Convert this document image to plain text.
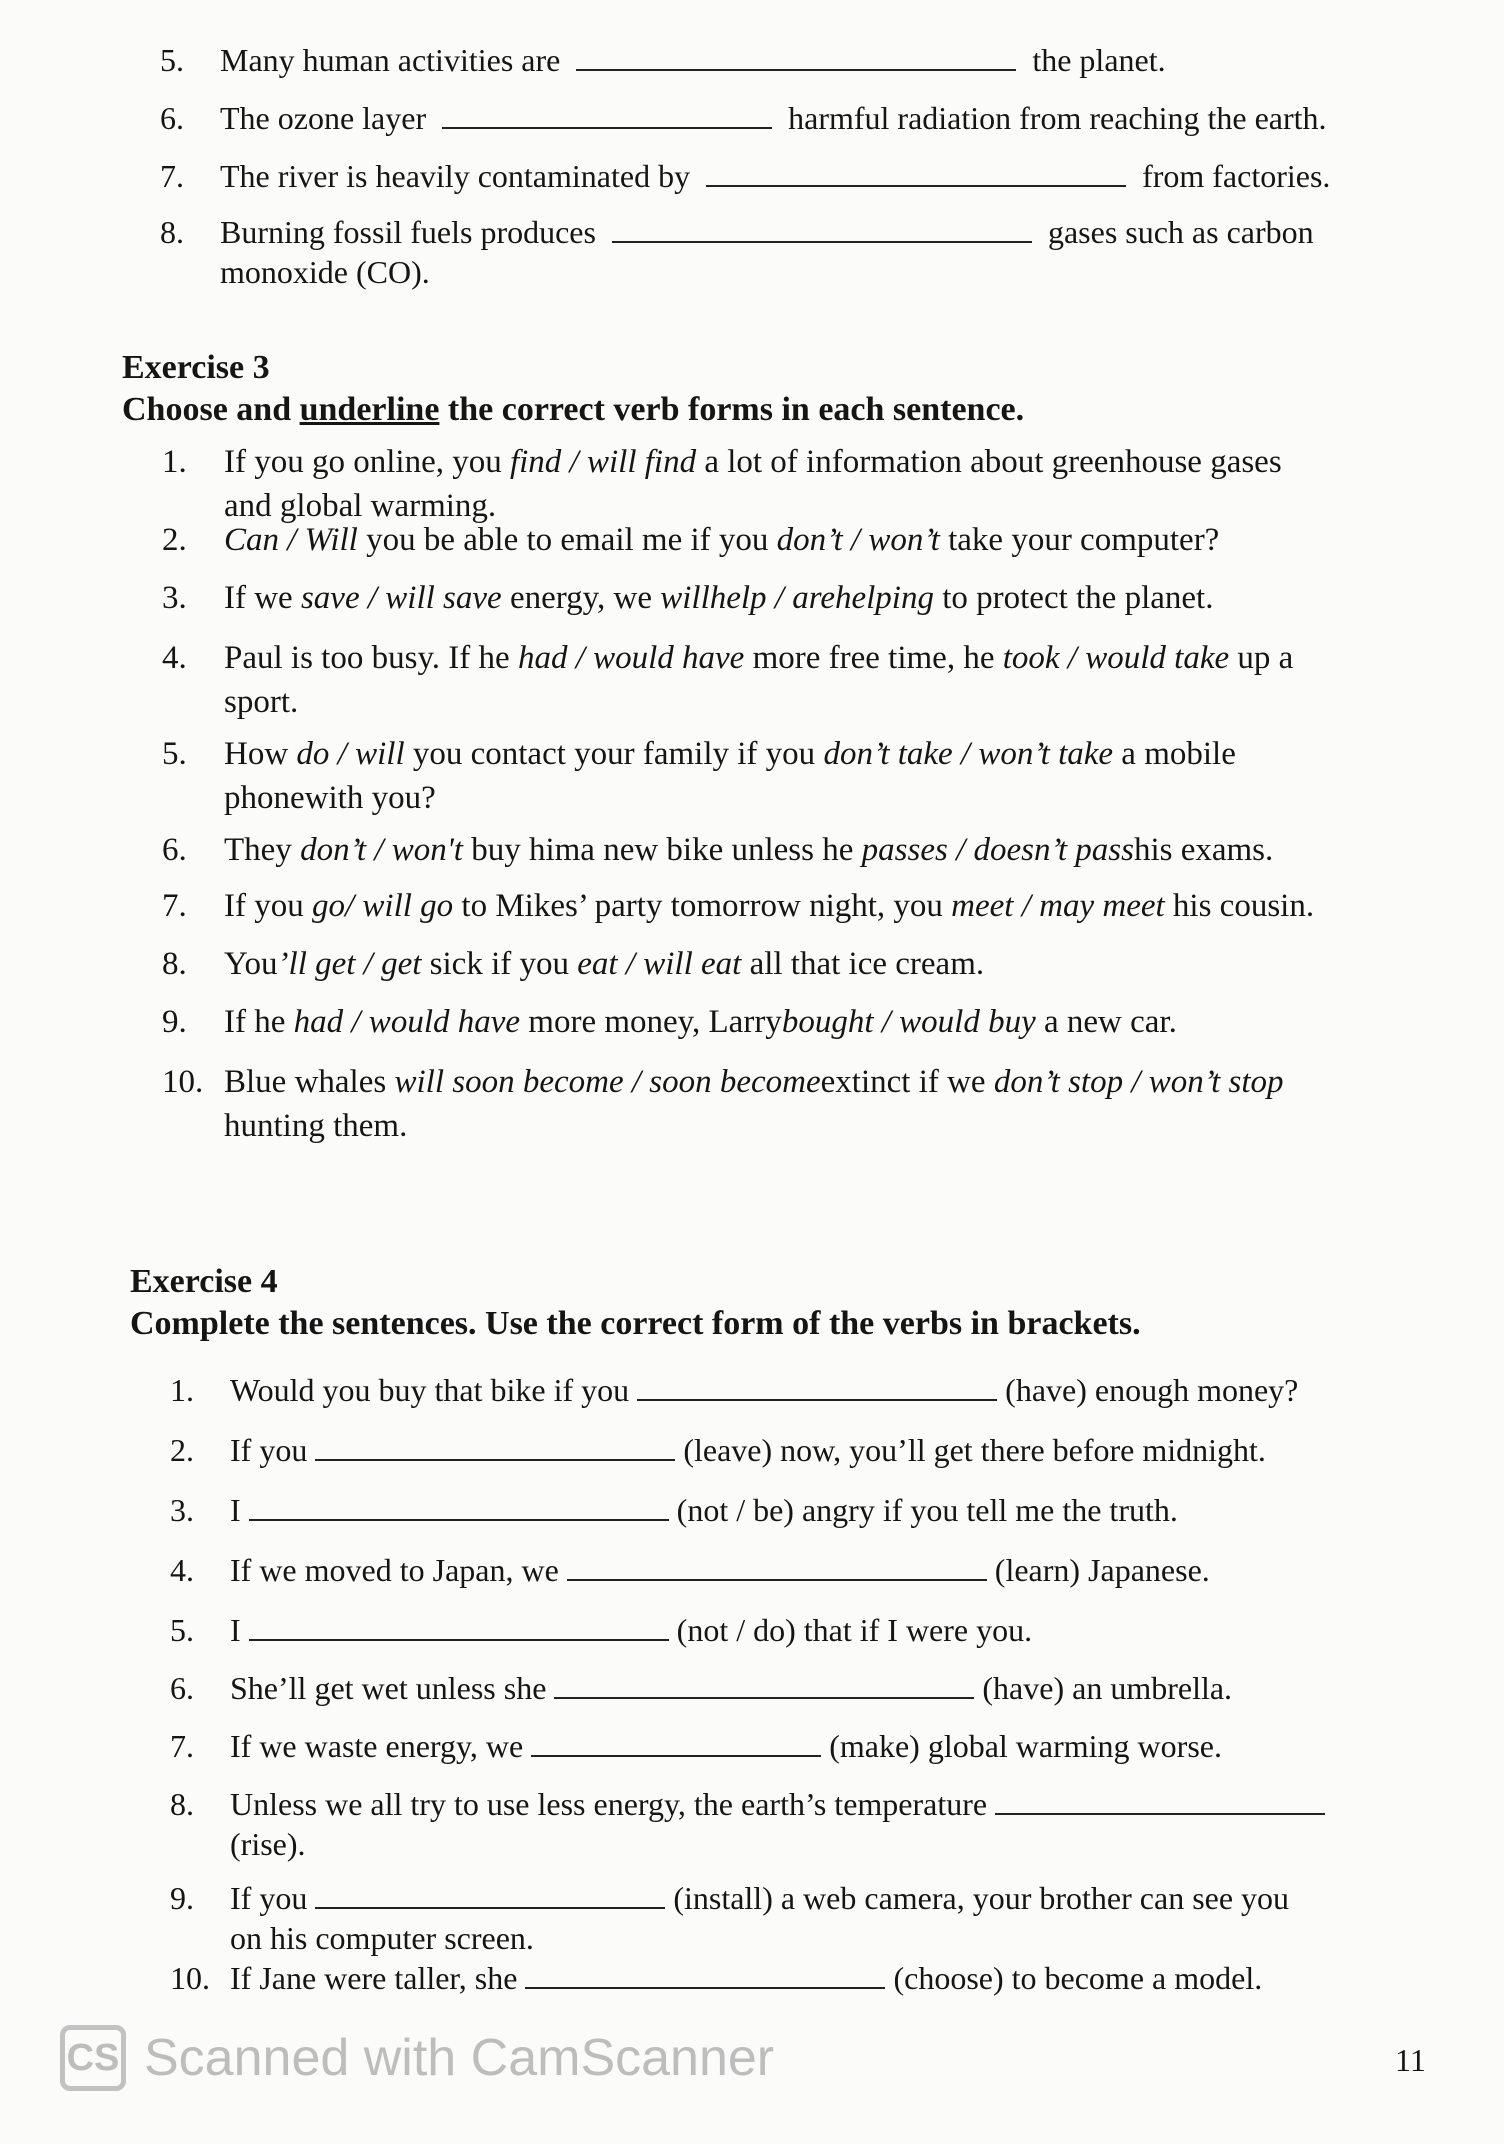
5.	Many human activities are	the planet.
6.	The ozone layer	harmful radiation from reaching the earth.
7.	The river is heavily contaminated by	from factories.
8.	Burning fossil fuels produces	gases such as carbon
monoxide (CO).
Exercise 3
Choose and underline the correct verb forms in each sentence.
1.	If you go online, you find / will find a lot of information about greenhouse gases
and global warming.
2.	Can / Will you be able to email me if you don’t / won’t take your computer?
3.	If we save / will save energy, we willhelp / arehelping to protect the planet.
4.	Paul is too busy. If he had / would have more free time, he took / would take up a
sport.
5.	How do / will you contact your family if you don’t take / won’t take a mobile
phonewith you?
6.	They don’t / won't buy hima new bike unless he passes / doesn’t passhis exams.
7.	If you go/ will go to Mikes’ party tomorrow night, you meet / may meet his cousin.
8.	You’ll get / get sick if you eat / will eat all that ice cream.
9.	If he had / would have more money, Larrybought / would buy a new car.
10. Blue whales will soon become / soon becomeextinct if we don’t stop / won’t stop
hunting them.
Exercise 4
Complete the sentences. Use the correct form of the verbs in brackets.
1.	Would you buy that bike if you	(have) enough money?
2.	If you	(leave) now, you’ll get there before midnight.
3.	I	(not / be) angry if you tell me the truth.
4.	If we moved to Japan, we	(learn) Japanese.
5.	I	(not / do) that if I were you.
6.	She’ll get wet unless she	(have) an umbrella.
7.	If we waste energy, we	(make) global warming worse.
8.	Unless we all try to use less energy, the earth’s temperature
(rise).
9.	If you	(install) a web camera, your brother can see you
on his computer screen.
10. If Jane were taller, she	(choose) to become a model.
CS Scanned with CamScanner	11
